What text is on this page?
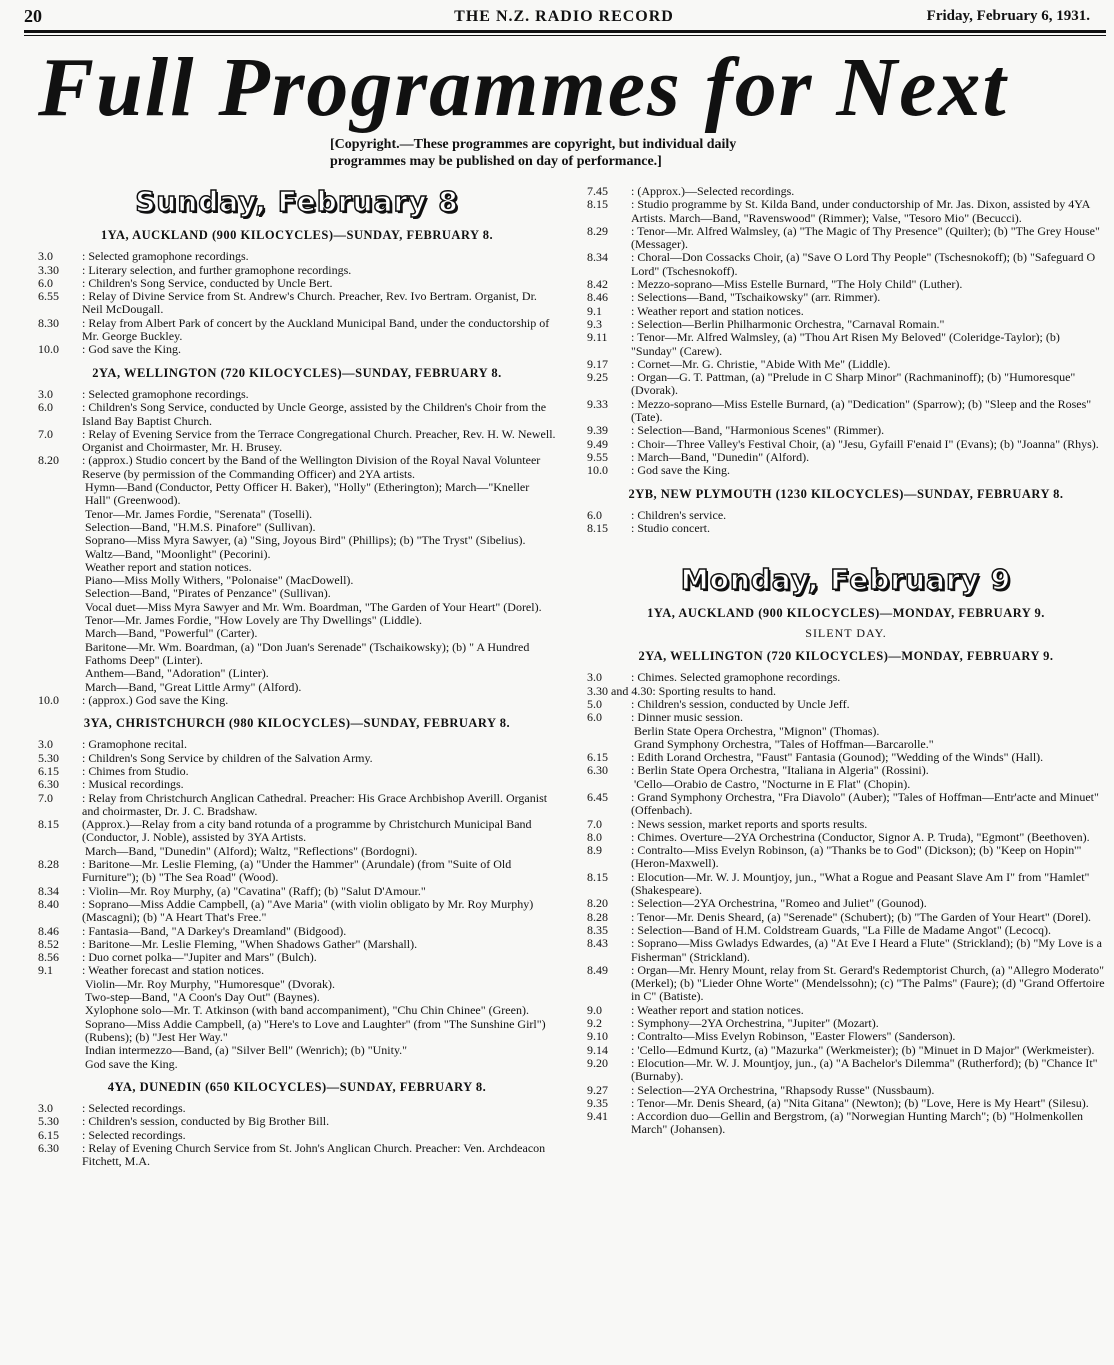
20	THE N.Z. RADIO RECORD	Friday, February 6, 1931.
Full Programmes for Next
[Copyright.—These programmes are copyright, but individual daily programmes may be published on day of performance.]
Sunday, February 8
1YA, AUCKLAND (900 KILOCYCLES)—SUNDAY, FEBRUARY 8.
3.0	: Selected gramophone recordings.
3.30	: Literary selection, and further gramophone recordings.
6.0	: Children's Song Service, conducted by Uncle Bert.
6.55	: Relay of Divine Service from St. Andrew's Church. Preacher, Rev. Ivo Bertram. Organist, Dr. Neil McDougall.
8.30	: Relay from Albert Park of concert by the Auckland Municipal Band, under the conductorship of Mr. George Buckley.
10.0	: God save the King.
2YA, WELLINGTON (720 KILOCYCLES)—SUNDAY, FEBRUARY 8.
3.0	: Selected gramophone recordings.
6.0	: Children's Song Service, conducted by Uncle George, assisted by the Children's Choir from the Island Bay Baptist Church.
7.0	: Relay of Evening Service from the Terrace Congregational Church. Preacher, Rev. H. W. Newell. Organist and Choirmaster, Mr. H. Brusey.
8.20	: (approx.) Studio concert by the Band of the Wellington Division of the Royal Naval Volunteer Reserve (by permission of the Commanding Officer) and 2YA artists.
Hymn—Band (Conductor, Petty Officer H. Baker), "Holly" (Etherington); March—"Kneller Hall" (Greenwood).
Tenor—Mr. James Fordie, "Serenata" (Toselli).
Selection—Band, "H.M.S. Pinafore" (Sullivan).
Soprano—Miss Myra Sawyer, (a) "Sing, Joyous Bird" (Phillips); (b) "The Tryst" (Sibelius).
Waltz—Band, "Moonlight" (Pecorini).
Weather report and station notices.
Piano—Miss Molly Withers, "Polonaise" (MacDowell).
Selection—Band, "Pirates of Penzance" (Sullivan).
Vocal duet—Miss Myra Sawyer and Mr. Wm. Boardman, "The Garden of Your Heart" (Dorel).
Tenor—Mr. James Fordie, "How Lovely are Thy Dwellings" (Liddle).
March—Band, "Powerful" (Carter).
Baritone—Mr. Wm. Boardman, (a) "Don Juan's Serenade" (Tschaikowsky); (b) " A Hundred Fathoms Deep" (Linter).
Anthem—Band, "Adoration" (Linter).
March—Band, "Great Little Army" (Alford).
10.0	: (approx.) God save the King.
3YA, CHRISTCHURCH (980 KILOCYCLES)—SUNDAY, FEBRUARY 8.
3.0	: Gramophone recital.
5.30	: Children's Song Service by children of the Salvation Army.
6.15	: Chimes from Studio.
6.30	: Musical recordings.
7.0	: Relay from Christchurch Anglican Cathedral. Preacher: His Grace Archbishop Averill. Organist and choirmaster, Dr. J. C. Bradshaw.
8.15	(Approx.)—Relay from a city band rotunda of a programme by Christchurch Municipal Band (Conductor, J. Noble), assisted by 3YA Artists.
March—Band, "Dunedin" (Alford); Waltz, "Reflections" (Bordogni).
8.28	: Baritone—Mr. Leslie Fleming, (a) "Under the Hammer" (Arundale) (from "Suite of Old Furniture"); (b) "The Sea Road" (Wood).
8.34	: Violin—Mr. Roy Murphy, (a) "Cavatina" (Raff); (b) "Salut D'Amour."
8.40	: Soprano—Miss Addie Campbell, (a) "Ave Maria" (with violin obligato by Mr. Roy Murphy) (Mascagni); (b) "A Heart That's Free."
8.46	: Fantasia—Band, "A Darkey's Dreamland" (Bidgood).
8.52	: Baritone—Mr. Leslie Fleming, "When Shadows Gather" (Marshall).
8.56	: Duo cornet polka—"Jupiter and Mars" (Bulch).
9.1	: Weather forecast and station notices.
Violin—Mr. Roy Murphy, "Humoresque" (Dvorak).
Two-step—Band, "A Coon's Day Out" (Baynes).
Xylophone solo—Mr. T. Atkinson (with band accompaniment), "Chu Chin Chinee" (Green).
Soprano—Miss Addie Campbell, (a) "Here's to Love and Laughter" (from "The Sunshine Girl") (Rubens); (b) "Jest Her Way."
Indian intermezzo—Band, (a) "Silver Bell" (Wenrich); (b) "Unity."
God save the King.
4YA, DUNEDIN (650 KILOCYCLES)—SUNDAY, FEBRUARY 8.
3.0	: Selected recordings.
5.30	: Children's session, conducted by Big Brother Bill.
6.15	: Selected recordings.
6.30	: Relay of Evening Church Service from St. John's Anglican Church. Preacher: Ven. Archdeacon Fitchett, M.A.
7.45	: (Approx.)—Selected recordings.
8.15	: Studio programme by St. Kilda Band, under conductorship of Mr. Jas. Dixon, assisted by 4YA Artists. March—Band, "Ravenswood" (Rimmer); Valse, "Tesoro Mio" (Becucci).
8.29	: Tenor—Mr. Alfred Walmsley, (a) "The Magic of Thy Presence" (Quilter); (b) "The Grey House" (Messager).
8.34	: Choral—Don Cossacks Choir, (a) "Save O Lord Thy People" (Tschesnokoff); (b) "Safeguard O Lord" (Tschesnokoff).
8.42	: Mezzo-soprano—Miss Estelle Burnard, "The Holy Child" (Luther).
8.46	: Selections—Band, "Tschaikowsky" (arr. Rimmer).
9.1	: Weather report and station notices.
9.3	: Selection—Berlin Philharmonic Orchestra, "Carnaval Romain."
9.11	: Tenor—Mr. Alfred Walmsley, (a) "Thou Art Risen My Beloved" (Coleridge-Taylor); (b) "Sunday" (Carew).
9.17	: Cornet—Mr. G. Christie, "Abide With Me" (Liddle).
9.25	: Organ—G. T. Pattman, (a) "Prelude in C Sharp Minor" (Rachmaninoff); (b) "Humoresque" (Dvorak).
9.33	: Mezzo-soprano—Miss Estelle Burnard, (a) "Dedication" (Sparrow); (b) "Sleep and the Roses" (Tate).
9.39	: Selection—Band, "Harmonious Scenes" (Rimmer).
9.49	: Choir—Three Valley's Festival Choir, (a) "Jesu, Gyfaill F'enaid I" (Evans); (b) "Joanna" (Rhys).
9.55	: March—Band, "Dunedin" (Alford).
10.0	: God save the King.
2YB, NEW PLYMOUTH (1230 KILOCYCLES)—SUNDAY, FEBRUARY 8.
6.0	: Children's service.
8.15	: Studio concert.
Monday, February 9
1YA, AUCKLAND (900 KILOCYCLES)—MONDAY, FEBRUARY 9.
SILENT DAY.
2YA, WELLINGTON (720 KILOCYCLES)—MONDAY, FEBRUARY 9.
3.0	: Chimes. Selected gramophone recordings.
3.30 and 4.30 : Sporting results to hand.
5.0	: Children's session, conducted by Uncle Jeff.
6.0	: Dinner music session.
Berlin State Opera Orchestra, "Mignon" (Thomas).
Grand Symphony Orchestra, "Tales of Hoffman—Barcarolle."
6.15	: Edith Lorand Orchestra, "Faust" Fantasia (Gounod); "Wedding of the Winds" (Hall).
6.30	: Berlin State Opera Orchestra, "Italiana in Algeria" (Rossini).
'Cello—Orabio de Castro, "Nocturne in E Flat" (Chopin).
6.45	: Grand Symphony Orchestra, "Fra Diavolo" (Auber); "Tales of Hoffman—Entr'acte and Minuet" (Offenbach).
7.0	: News session, market reports and sports results.
8.0	: Chimes. Overture—2YA Orchestrina (Conductor, Signor A. P. Truda), "Egmont" (Beethoven).
8.9	: Contralto—Miss Evelyn Robinson, (a) "Thanks be to God" (Dickson); (b) "Keep on Hopin'" (Heron-Maxwell).
8.15	: Elocution—Mr. W. J. Mountjoy, jun., "What a Rogue and Peasant Slave Am I" from "Hamlet" (Shakespeare).
8.20	: Selection—2YA Orchestrina, "Romeo and Juliet" (Gounod).
8.28	: Tenor—Mr. Denis Sheard, (a) "Serenade" (Schubert); (b) "The Garden of Your Heart" (Dorel).
8.35	: Selection—Band of H.M. Coldstream Guards, "La Fille de Madame Angot" (Lecocq).
8.43	: Soprano—Miss Gwladys Edwardes, (a) "At Eve I Heard a Flute" (Strickland); (b) "My Love is a Fisherman" (Strickland).
8.49	: Organ—Mr. Henry Mount, relay from St. Gerard's Redemptorist Church, (a) "Allegro Moderato" (Merkel); (b) "Lieder Ohne Worte" (Mendelssohn); (c) "The Palms" (Faure); (d) "Grand Offertoire in C" (Batiste).
9.0	: Weather report and station notices.
9.2	: Symphony—2YA Orchestrina, "Jupiter" (Mozart).
9.10	: Contralto—Miss Evelyn Robinson, "Easter Flowers" (Sanderson).
9.14	: 'Cello—Edmund Kurtz, (a) "Mazurka" (Werkmeister); (b) "Minuet in D Major" (Werkmeister).
9.20	: Elocution—Mr. W. J. Mountjoy, jun., (a) "A Bachelor's Dilemma" (Rutherford); (b) "Chance It" (Burnaby).
9.27	: Selection—2YA Orchestrina, "Rhapsody Russe" (Nussbaum).
9.35	: Tenor—Mr. Denis Sheard, (a) "Nita Gitana" (Newton); (b) "Love, Here is My Heart" (Silesu).
9.41	: Accordion duo—Gellin and Bergstrom, (a) "Norwegian Hunting March"; (b) "Holmenkollen March" (Johansen).
